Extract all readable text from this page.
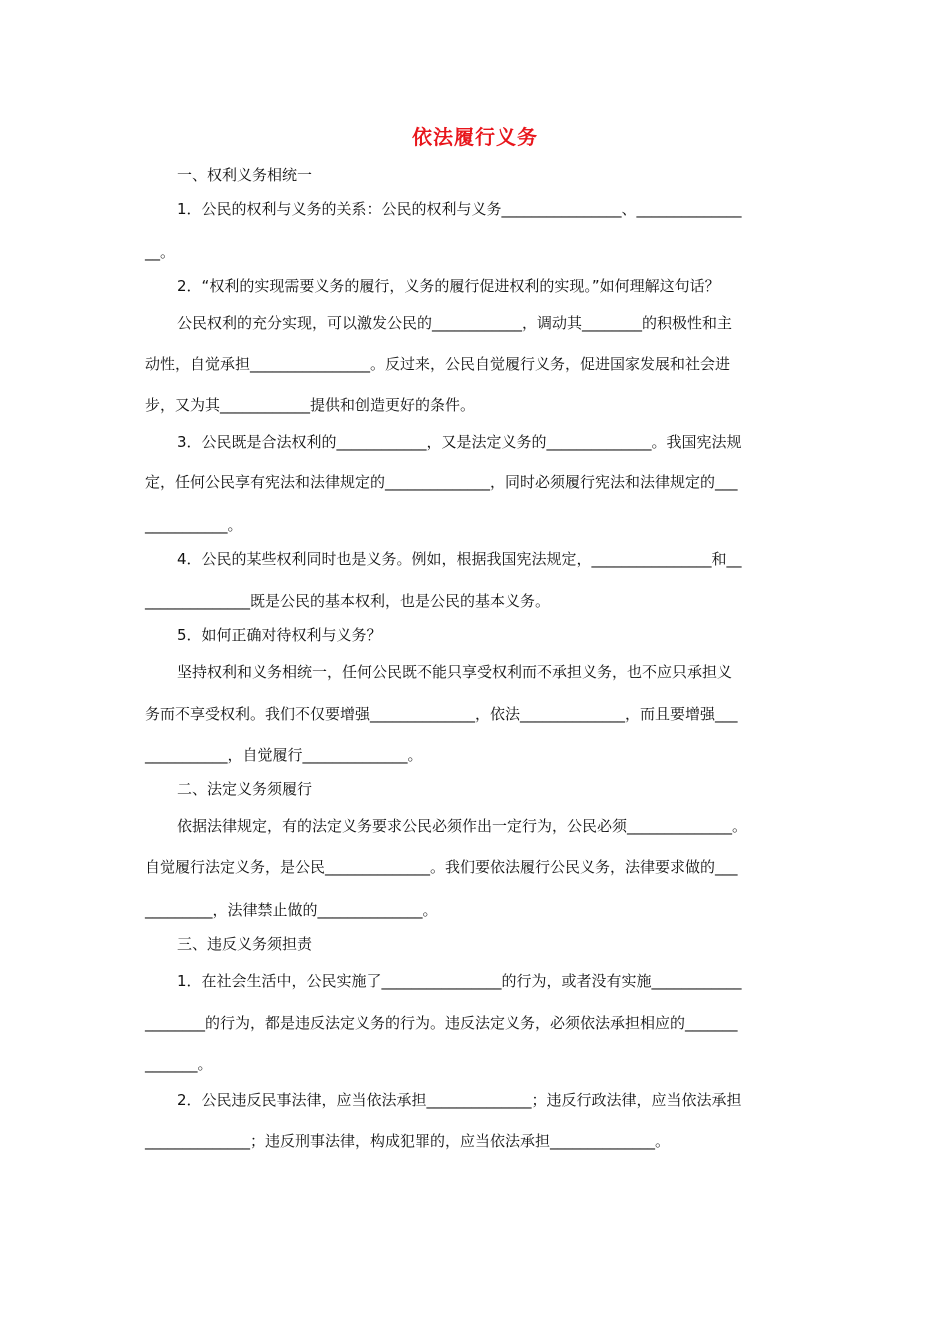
依法履行义务

一、权利义务相统一

1．公民的权利与义务的关系：公民的权利与义务________________、______________

__。

2．“权利的实现需要义务的履行，义务的履行促进权利的实现。”如何理解这句话？

公民权利的充分实现，可以激发公民的____________，调动其________的积极性和主

动性，自觉承担________________。反过来，公民自觉履行义务，促进国家发展和社会进

步，又为其____________提供和创造更好的条件。

3．公民既是合法权利的____________，又是法定义务的______________。我国宪法规

定，任何公民享有宪法和法律规定的______________，同时必须履行宪法和法律规定的___

___________。

4．公民的某些权利同时也是义务。例如，根据我国宪法规定，________________和__

______________既是公民的基本权利，也是公民的基本义务。

5．如何正确对待权利与义务？

坚持权利和义务相统一，任何公民既不能只享受权利而不承担义务，也不应只承担义

务而不享受权利。我们不仅要增强______________，依法______________，而且要增强___

___________，自觉履行______________。

二、法定义务须履行

依据法律规定，有的法定义务要求公民必须作出一定行为，公民必须______________。

自觉履行法定义务，是公民______________。我们要依法履行公民义务，法律要求做的___

_________，法律禁止做的______________。

三、违反义务须担责

1．在社会生活中，公民实施了________________的行为，或者没有实施____________

________的行为，都是违反法定义务的行为。违反法定义务，必须依法承担相应的_______

_______。

2．公民违反民事法律，应当依法承担______________；违反行政法律，应当依法承担

______________；违反刑事法律，构成犯罪的，应当依法承担______________。
